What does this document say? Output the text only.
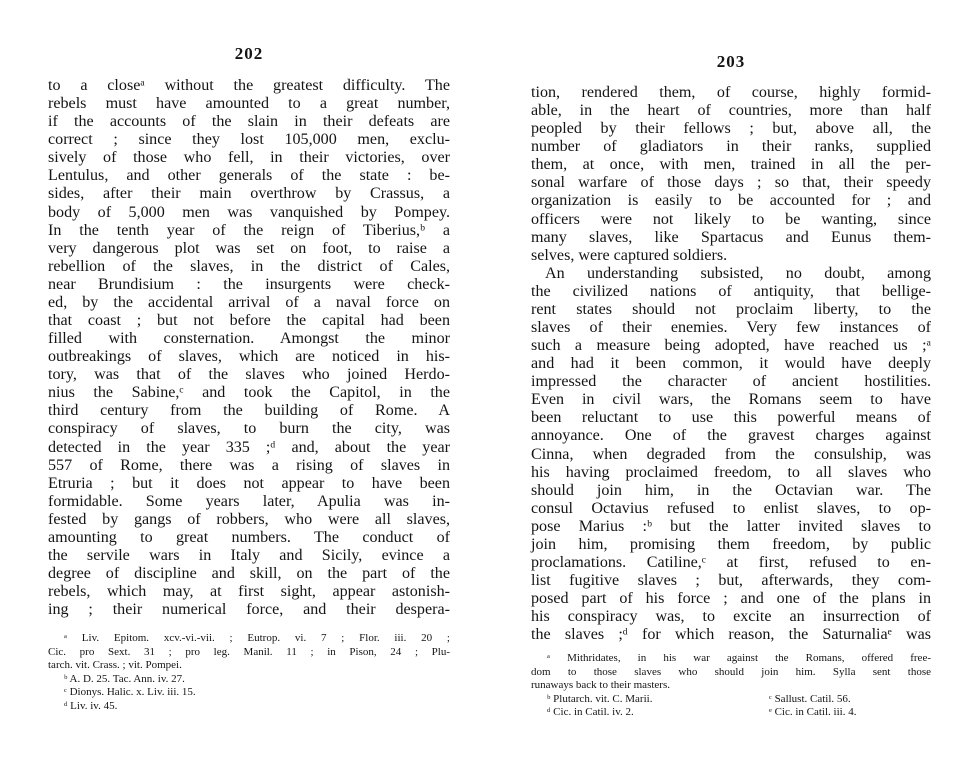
202
to a closeᵃ without the greatest difficulty. The
rebels must have amounted to a great number,
if the accounts of the slain in their defeats are
correct ; since they lost 105,000 men, exclu-
sively of those who fell, in their victories, over
Lentulus, and other generals of the state : be-
sides, after their main overthrow by Crassus, a
body of 5,000 men was vanquished by Pompey.
In the tenth year of the reign of Tiberius,ᵇ a
very dangerous plot was set on foot, to raise a
rebellion of the slaves, in the district of Cales,
near Brundisium : the insurgents were check-
ed, by the accidental arrival of a naval force on
that coast ; but not before the capital had been
filled with consternation. Amongst the minor
outbreakings of slaves, which are noticed in his-
tory, was that of the slaves who joined Herdo-
nius the Sabine,ᶜ and took the Capitol, in the
third century from the building of Rome. A
conspiracy of slaves, to burn the city, was
detected in the year 335 ;ᵈ and, about the year
557 of Rome, there was a rising of slaves in
Etruria ; but it does not appear to have been
formidable. Some years later, Apulia was in-
fested by gangs of robbers, who were all slaves,
amounting to great numbers. The conduct of
the servile wars in Italy and Sicily, evince a
degree of discipline and skill, on the part of the
rebels, which may, at first sight, appear astonish-
ing ; their numerical force, and their despera-
ᵃ Liv. Epitom. xcv.-vi.-vii. ; Eutrop. vi. 7 ; Flor. iii. 20 ;
Cic. pro Sext. 31 ; pro leg. Manil. 11 ; in Pison, 24 ; Plu-
tarch. vit. Crass. ; vit. Pompei.
ᵇ A. D. 25. Tac. Ann. iv. 27.
ᶜ Dionys. Halic. x. Liv. iii. 15.
ᵈ Liv. iv. 45.
203
tion, rendered them, of course, highly formid-
able, in the heart of countries, more than half
peopled by their fellows ; but, above all, the
number of gladiators in their ranks, supplied
them, at once, with men, trained in all the per-
sonal warfare of those days ; so that, their speedy
organization is easily to be accounted for ; and
officers were not likely to be wanting, since
many slaves, like Spartacus and Eunus them-
selves, were captured soldiers.
An understanding subsisted, no doubt, among
the civilized nations of antiquity, that bellige-
rent states should not proclaim liberty, to the
slaves of their enemies. Very few instances of
such a measure being adopted, have reached us ;ᵃ
and had it been common, it would have deeply
impressed the character of ancient hostilities.
Even in civil wars, the Romans seem to have
been reluctant to use this powerful means of
annoyance. One of the gravest charges against
Cinna, when degraded from the consulship, was
his having proclaimed freedom, to all slaves who
should join him, in the Octavian war. The
consul Octavius refused to enlist slaves, to op-
pose Marius :ᵇ but the latter invited slaves to
join him, promising them freedom, by public
proclamations. Catiline,ᶜ at first, refused to en-
list fugitive slaves ; but, afterwards, they com-
posed part of his force ; and one of the plans in
his conspiracy was, to excite an insurrection of
the slaves ;ᵈ for which reason, the Saturnaliaᵉ was
ᵃ Mithridates, in his war against the Romans, offered free-
dom to those slaves who should join him. Sylla sent those
runaways back to their masters.
ᵇ Plutarch. vit. C. Marii.	ᶜ Sallust. Catil. 56.
ᵈ Cic. in Catil. iv. 2.	ᵉ Cic. in Catil. iii. 4.
